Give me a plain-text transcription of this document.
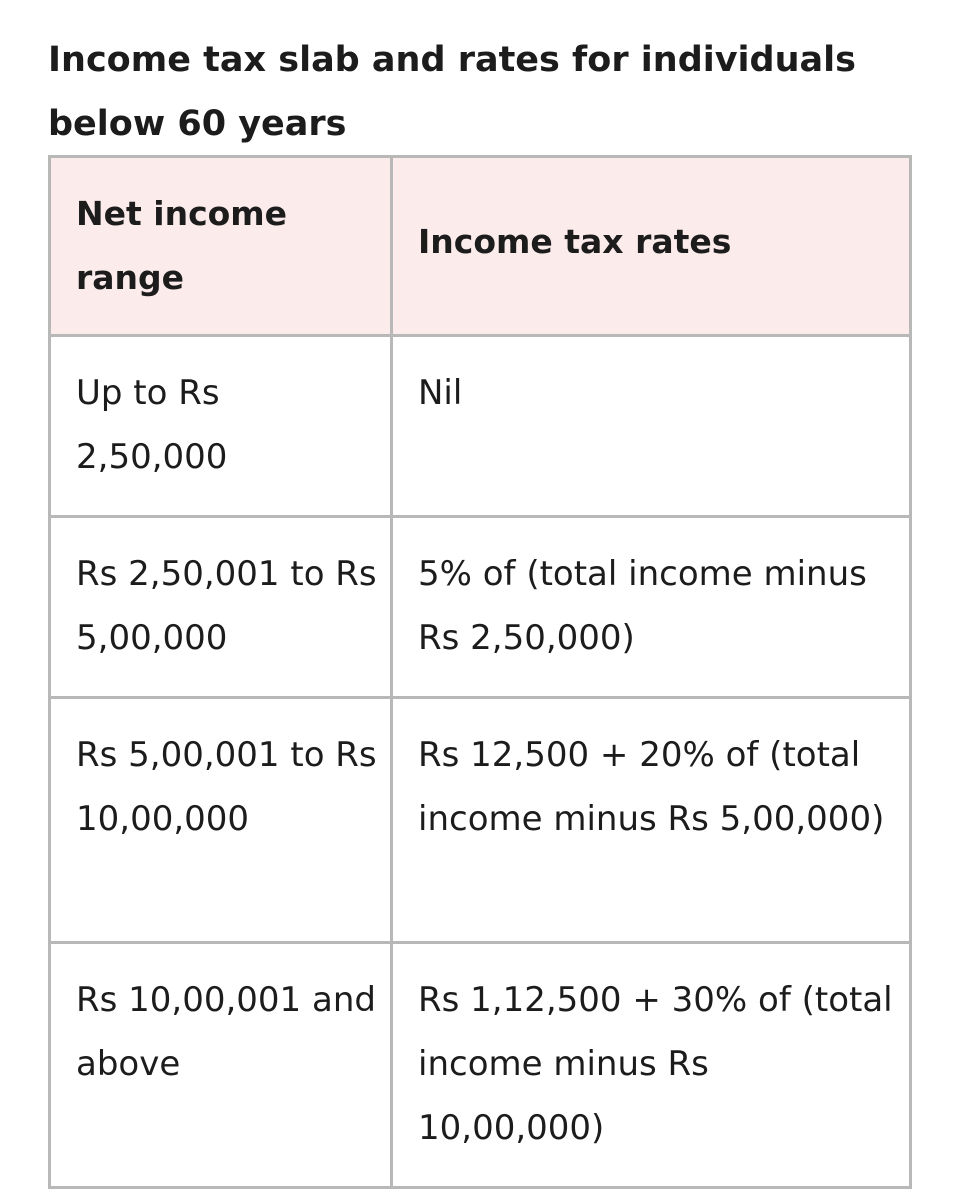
Income tax slab and rates for individuals below 60 years
Net income range	Income tax rates
Up to Rs 2,50,000	Nil
Rs 2,50,001 to Rs 5,00,000	5% of (total income minus Rs 2,50,000)
Rs 5,00,001 to Rs 10,00,000	Rs 12,500 + 20% of (total income minus Rs 5,00,000)
Rs 10,00,001 and above	Rs 1,12,500 + 30% of (total income minus Rs 10,00,000)
